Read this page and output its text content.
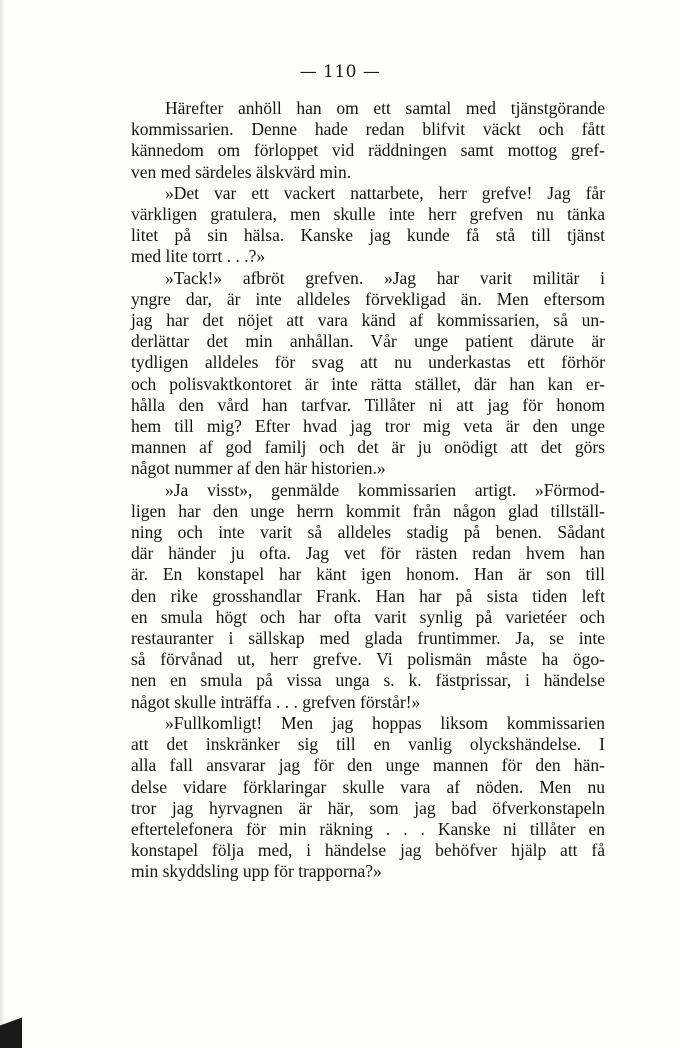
— 110 —
Härefter anhöll han om ett samtal med tjänstgörande
kommissarien. Denne hade redan blifvit väckt och fått
kännedom om förloppet vid räddningen samt mottog gref-
ven med särdeles älskvärd min.
»Det var ett vackert nattarbete, herr grefve! Jag får
värkligen gratulera, men skulle inte herr grefven nu tänka
litet på sin hälsa. Kanske jag kunde få stå till tjänst
med lite torrt . . .?»
»Tack!» afbröt grefven. »Jag har varit militär i
yngre dar, är inte alldeles förvekligad än. Men eftersom
jag har det nöjet att vara känd af kommissarien, så un-
derlättar det min anhållan. Vår unge patient därute är
tydligen alldeles för svag att nu underkastas ett förhör
och polisvaktkontoret är inte rätta stället, där han kan er-
hålla den vård han tarfvar. Tillåter ni att jag för honom
hem till mig? Efter hvad jag tror mig veta är den unge
mannen af god familj och det är ju onödigt att det görs
något nummer af den här historien.»
»Ja visst», genmälde kommissarien artigt. »Förmod-
ligen har den unge herrn kommit från någon glad tillställ-
ning och inte varit så alldeles stadig på benen. Sådant
där händer ju ofta. Jag vet för rästen redan hvem han
är. En konstapel har känt igen honom. Han är son till
den rike grosshandlar Frank. Han har på sista tiden left
en smula högt och har ofta varit synlig på varietéer och
restauranter i sällskap med glada fruntimmer. Ja, se inte
så förvånad ut, herr grefve. Vi polismän måste ha ögo-
nen en smula på vissa unga s. k. fästprissar, i händelse
något skulle inträffa . . . grefven förstår!»
»Fullkomligt! Men jag hoppas liksom kommissarien
att det inskränker sig till en vanlig olyckshändelse. I
alla fall ansvarar jag för den unge mannen för den hän-
delse vidare förklaringar skulle vara af nöden. Men nu
tror jag hyrvagnen är här, som jag bad öfverkonstapeln
eftertelefonera för min räkning . . . Kanske ni tillåter en
konstapel följa med, i händelse jag behöfver hjälp att få
min skyddsling upp för trapporna?»
